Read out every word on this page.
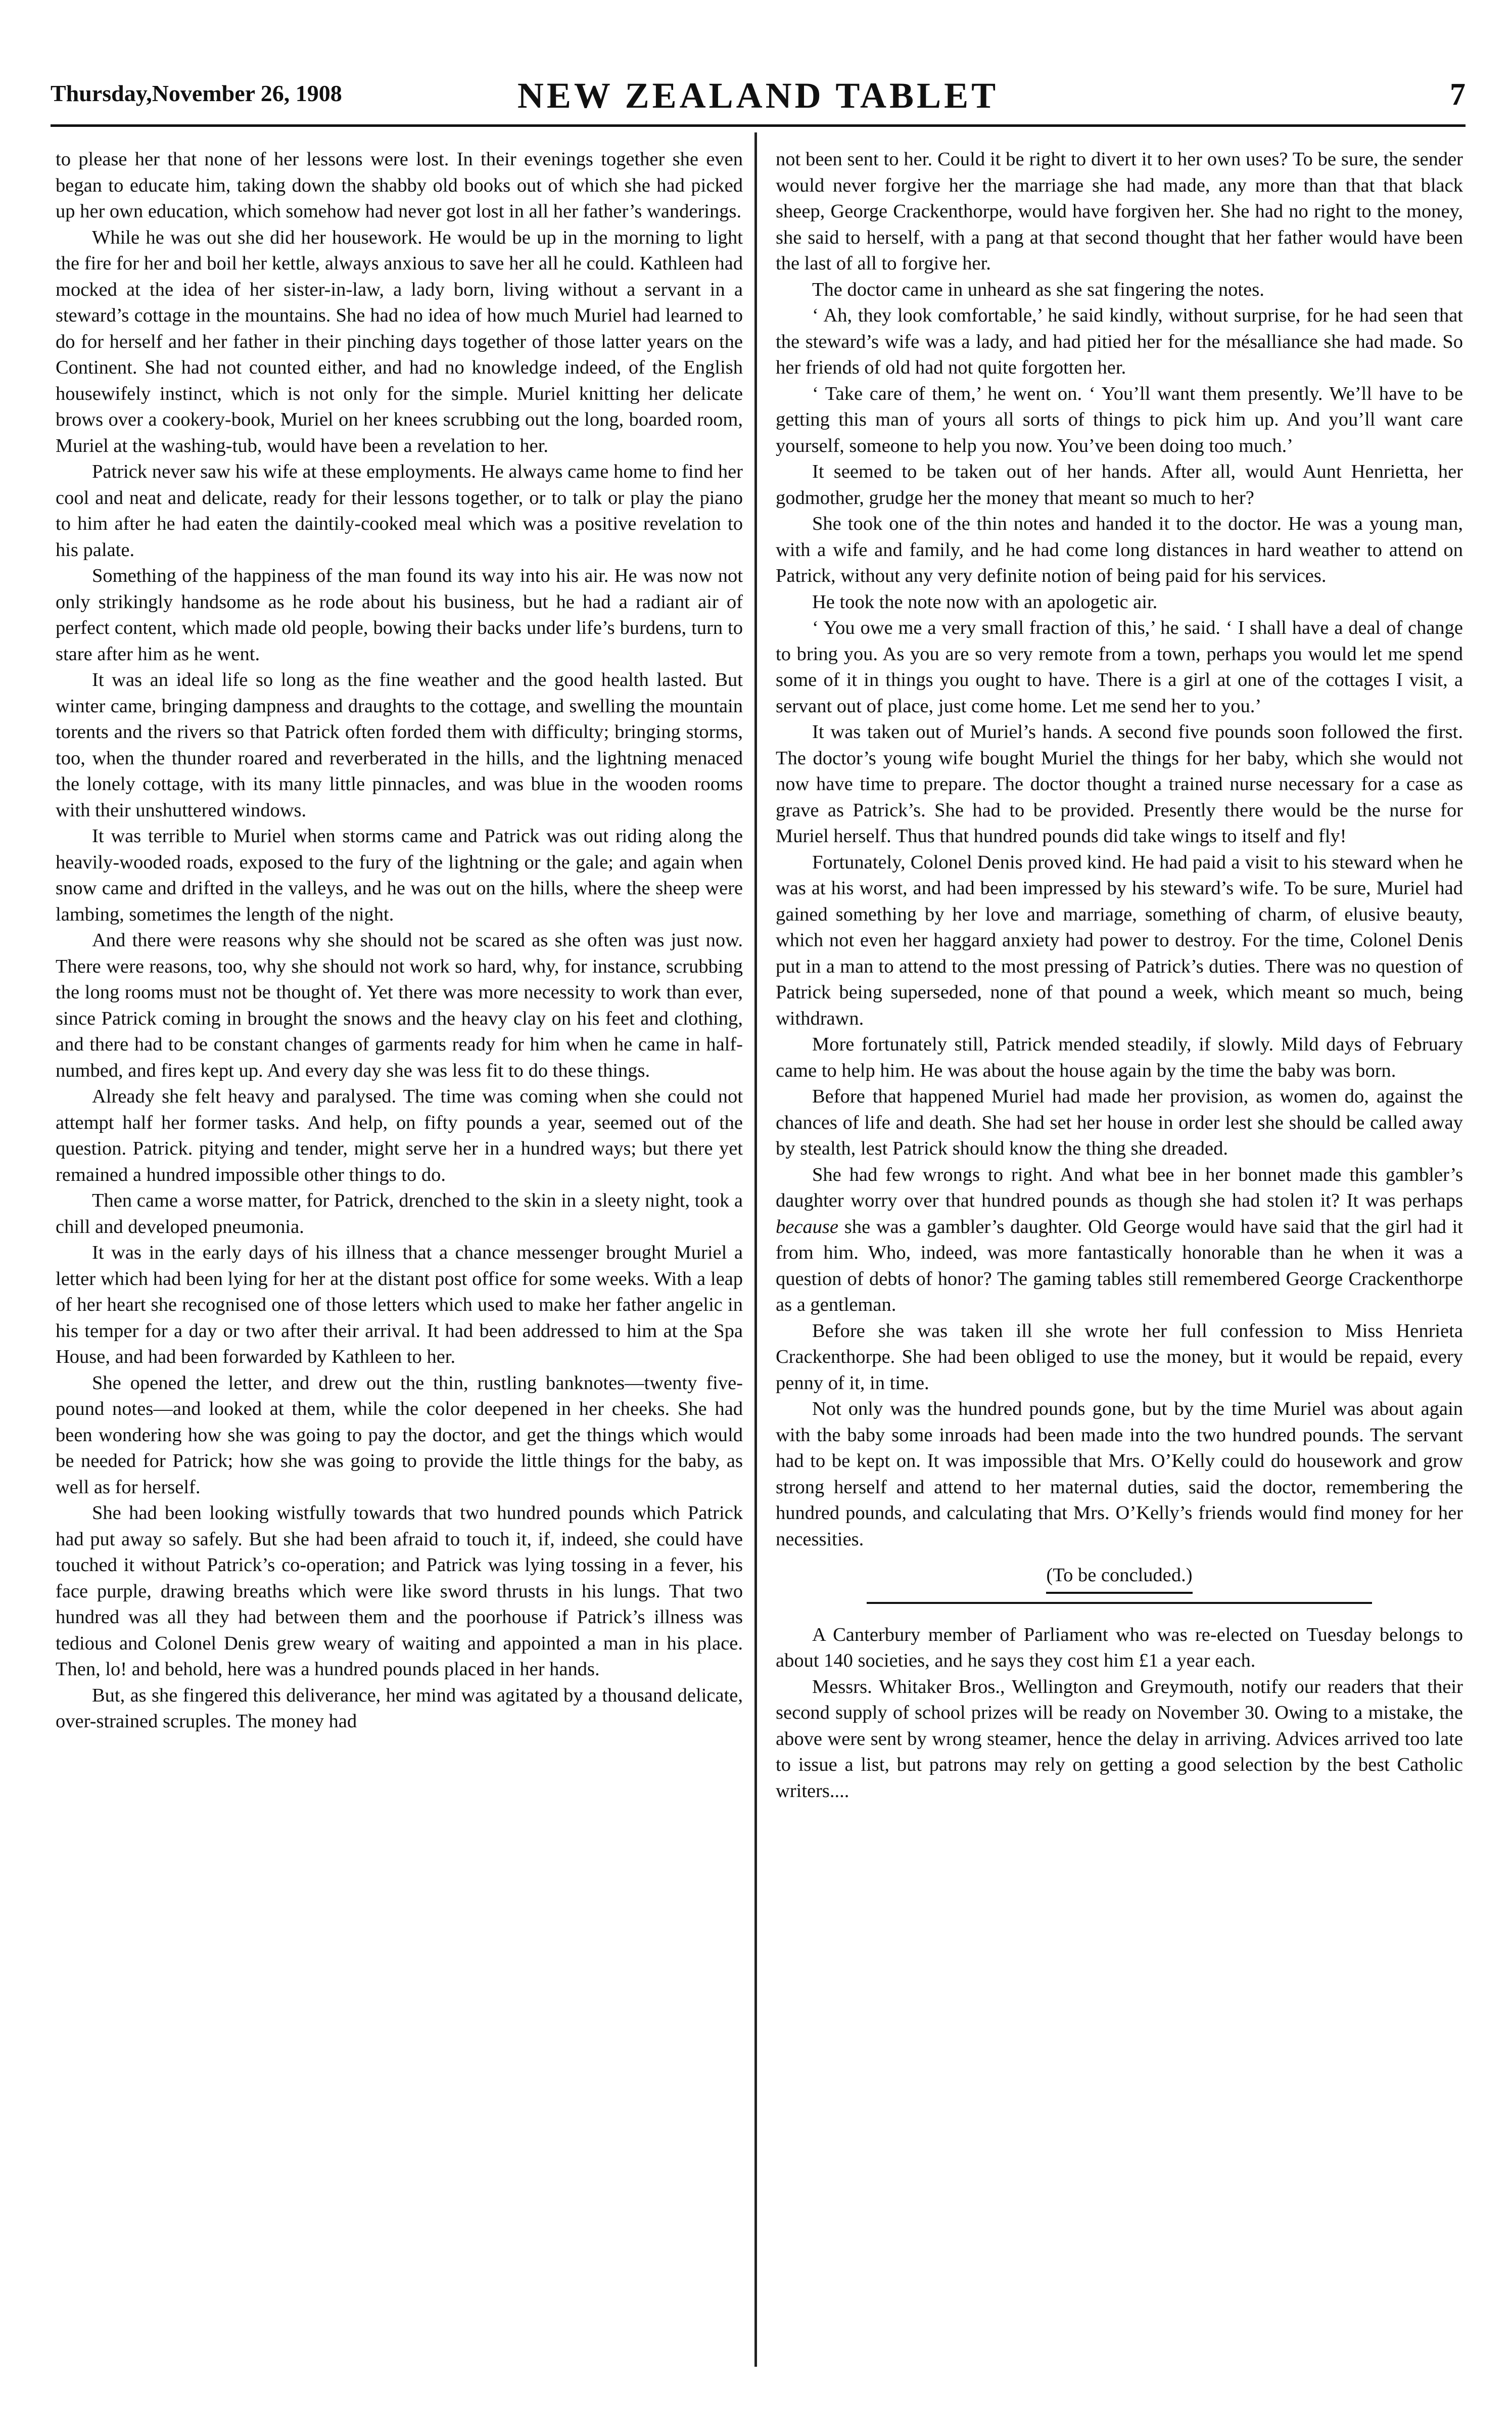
Thursday,November 26, 1908	NEW ZEALAND TABLET	7

to please her that none of her lessons were lost. In their evenings together she even began to educate him, taking down the shabby old books out of which she had picked up her own education, which somehow had never got lost in all her father’s wanderings.

While he was out she did her housework. He would be up in the morning to light the fire for her and boil her kettle, always anxious to save her all he could. Kathleen had mocked at the idea of her sister-in-law, a lady born, living without a servant in a steward’s cottage in the mountains. She had no idea of how much Muriel had learned to do for herself and her father in their pinching days together of those latter years on the Continent. She had not counted either, and had no knowledge indeed, of the English housewifely instinct, which is not only for the simple. Muriel knitting her delicate brows over a cookery-book, Muriel on her knees scrubbing out the long, boarded room, Muriel at the washing-tub, would have been a revelation to her.

Patrick never saw his wife at these employments. He always came home to find her cool and neat and delicate, ready for their lessons together, or to talk or play the piano to him after he had eaten the daintily-cooked meal which was a positive revelation to his palate.

Something of the happiness of the man found its way into his air. He was now not only strikingly handsome as he rode about his business, but he had a radiant air of perfect content, which made old people, bowing their backs under life’s burdens, turn to stare after him as he went.

It was an ideal life so long as the fine weather and the good health lasted. But winter came, bringing dampness and draughts to the cottage, and swelling the mountain torents and the rivers so that Patrick often forded them with difficulty; bringing storms, too, when the thunder roared and reverberated in the hills, and the lightning menaced the lonely cottage, with its many little pinnacles, and was blue in the wooden rooms with their unshuttered windows.

It was terrible to Muriel when storms came and Patrick was out riding along the heavily-wooded roads, exposed to the fury of the lightning or the gale; and again when snow came and drifted in the valleys, and he was out on the hills, where the sheep were lambing, sometimes the length of the night.

And there were reasons why she should not be scared as she often was just now. There were reasons, too, why she should not work so hard, why, for instance, scrubbing the long rooms must not be thought of. Yet there was more necessity to work than ever, since Patrick coming in brought the snows and the heavy clay on his feet and clothing, and there had to be constant changes of garments ready for him when he came in half-numbed, and fires kept up. And every day she was less fit to do these things.

Already she felt heavy and paralysed. The time was coming when she could not attempt half her former tasks. And help, on fifty pounds a year, seemed out of the question. Patrick. pitying and tender, might serve her in a hundred ways; but there yet remained a hundred impossible other things to do.

Then came a worse matter, for Patrick, drenched to the skin in a sleety night, took a chill and developed pneumonia.

It was in the early days of his illness that a chance messenger brought Muriel a letter which had been lying for her at the distant post office for some weeks. With a leap of her heart she recognised one of those letters which used to make her father angelic in his temper for a day or two after their arrival. It had been addressed to him at the Spa House, and had been forwarded by Kathleen to her.

She opened the letter, and drew out the thin, rustling banknotes—twenty five-pound notes—and looked at them, while the color deepened in her cheeks. She had been wondering how she was going to pay the doctor, and get the things which would be needed for Patrick; how she was going to provide the little things for the baby, as well as for herself.

She had been looking wistfully towards that two hundred pounds which Patrick had put away so safely. But she had been afraid to touch it, if, indeed, she could have touched it without Patrick’s co-operation; and Patrick was lying tossing in a fever, his face purple, drawing breaths which were like sword thrusts in his lungs. That two hundred was all they had between them and the poorhouse if Patrick’s illness was tedious and Colonel Denis grew weary of waiting and appointed a man in his place. Then, lo! and behold, here was a hundred pounds placed in her hands.

But, as she fingered this deliverance, her mind was agitated by a thousand delicate, over-strained scruples. The money had

not been sent to her. Could it be right to divert it to her own uses? To be sure, the sender would never forgive her the marriage she had made, any more than that that black sheep, George Crackenthorpe, would have forgiven her. She had no right to the money, she said to herself, with a pang at that second thought that her father would have been the last of all to forgive her.

The doctor came in unheard as she sat fingering the notes.

‘ Ah, they look comfortable,’ he said kindly, without surprise, for he had seen that the steward’s wife was a lady, and had pitied her for the mésalliance she had made. So her friends of old had not quite forgotten her.

‘ Take care of them,’ he went on. ‘ You’ll want them presently. We’ll have to be getting this man of yours all sorts of things to pick him up. And you’ll want care yourself, someone to help you now. You’ve been doing too much.’

It seemed to be taken out of her hands. After all, would Aunt Henrietta, her godmother, grudge her the money that meant so much to her?

She took one of the thin notes and handed it to the doctor. He was a young man, with a wife and family, and he had come long distances in hard weather to attend on Patrick, without any very definite notion of being paid for his services.

He took the note now with an apologetic air.

‘ You owe me a very small fraction of this,’ he said. ‘ I shall have a deal of change to bring you. As you are so very remote from a town, perhaps you would let me spend some of it in things you ought to have. There is a girl at one of the cottages I visit, a servant out of place, just come home. Let me send her to you.’

It was taken out of Muriel’s hands. A second five pounds soon followed the first. The doctor’s young wife bought Muriel the things for her baby, which she would not now have time to prepare. The doctor thought a trained nurse necessary for a case as grave as Patrick’s. She had to be provided. Presently there would be the nurse for Muriel herself. Thus that hundred pounds did take wings to itself and fly!

Fortunately, Colonel Denis proved kind. He had paid a visit to his steward when he was at his worst, and had been impressed by his steward’s wife. To be sure, Muriel had gained something by her love and marriage, something of charm, of elusive beauty, which not even her haggard anxiety had power to destroy. For the time, Colonel Denis put in a man to attend to the most pressing of Patrick’s duties. There was no question of Patrick being superseded, none of that pound a week, which meant so much, being withdrawn.

More fortunately still, Patrick mended steadily, if slowly. Mild days of February came to help him. He was about the house again by the time the baby was born.

Before that happened Muriel had made her provision, as women do, against the chances of life and death. She had set her house in order lest she should be called away by stealth, lest Patrick should know the thing she dreaded.

She had few wrongs to right. And what bee in her bonnet made this gambler’s daughter worry over that hundred pounds as though she had stolen it? It was perhaps because she was a gambler’s daughter. Old George would have said that the girl had it from him. Who, indeed, was more fantastically honorable than he when it was a question of debts of honor? The gaming tables still remembered George Crackenthorpe as a gentleman.

Before she was taken ill she wrote her full confession to Miss Henrieta Crackenthorpe. She had been obliged to use the money, but it would be repaid, every penny of it, in time.

Not only was the hundred pounds gone, but by the time Muriel was about again with the baby some inroads had been made into the two hundred pounds. The servant had to be kept on. It was impossible that Mrs. O’Kelly could do housework and grow strong herself and attend to her maternal duties, said the doctor, remembering the hundred pounds, and calculating that Mrs. O’Kelly’s friends would find money for her necessities.

(To be concluded.)

A Canterbury member of Parliament who was re-elected on Tuesday belongs to about 140 societies, and he says they cost him £1 a year each.

Messrs. Whitaker Bros., Wellington and Greymouth, notify our readers that their second supply of school prizes will be ready on November 30. Owing to a mistake, the above were sent by wrong steamer, hence the delay in arriving. Advices arrived too late to issue a list, but patrons may rely on getting a good selection by the best Catholic writers....
